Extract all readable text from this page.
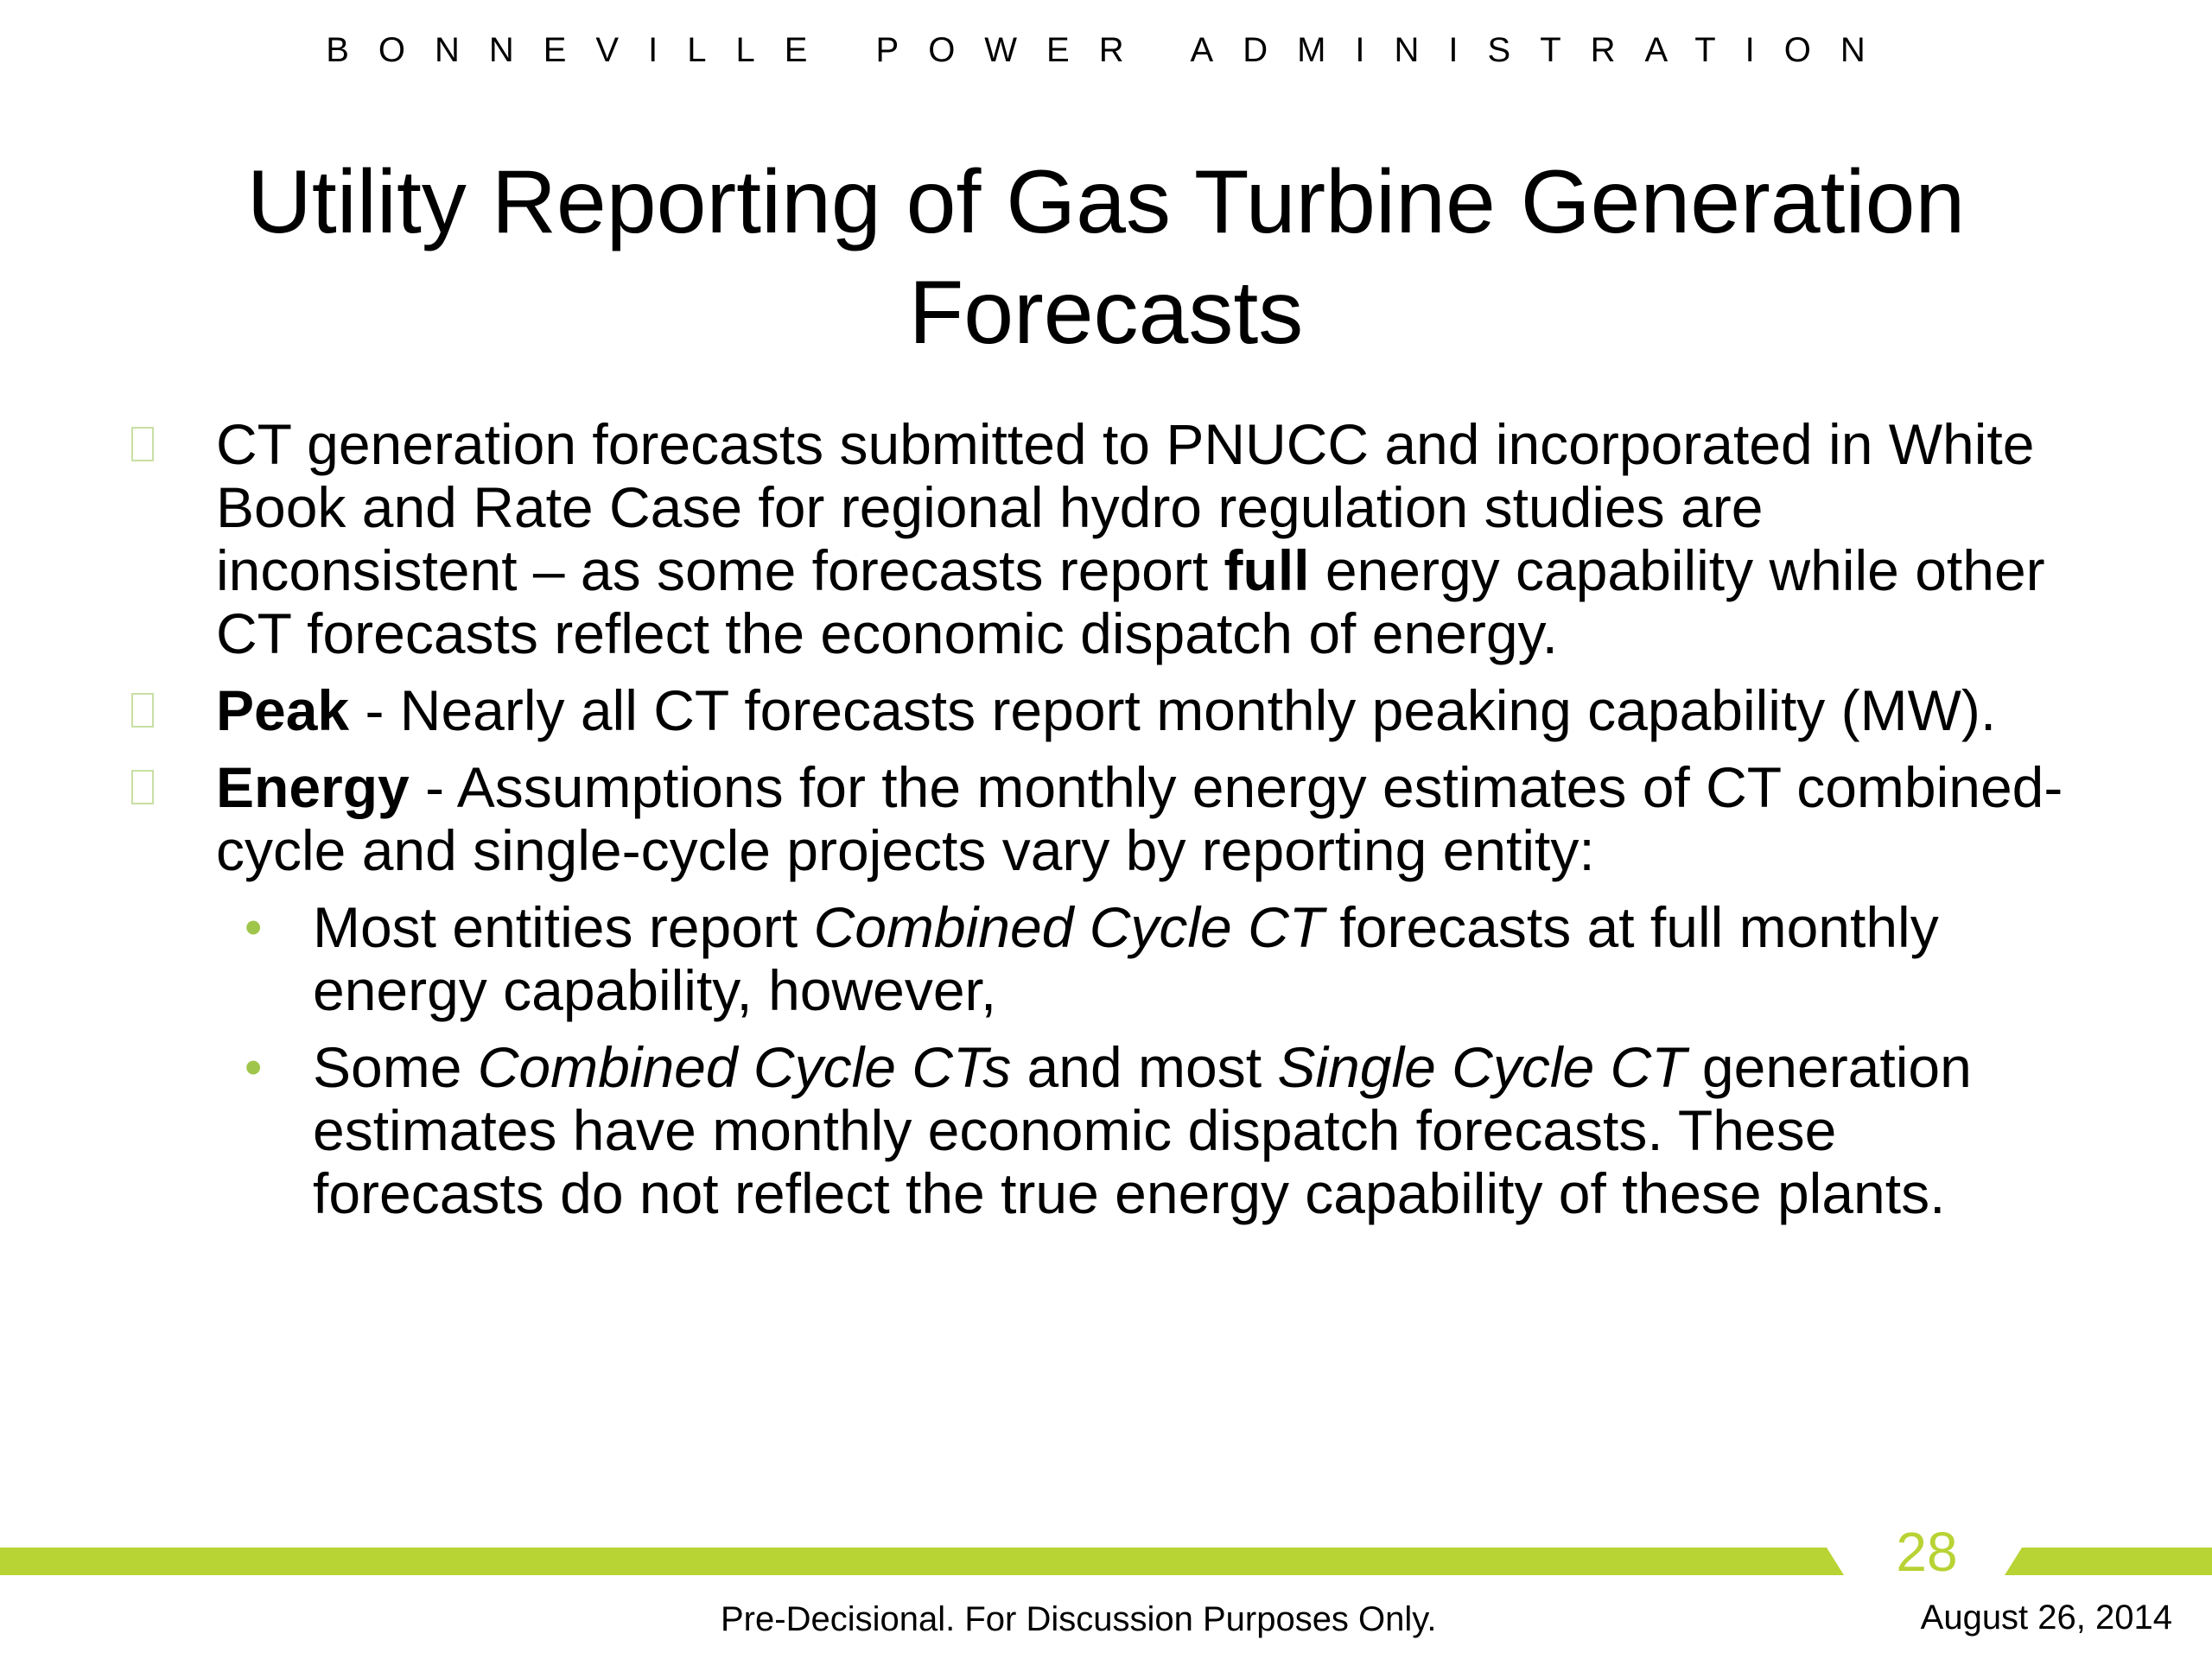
BONNEVILLE POWER ADMINISTRATION
Utility Reporting of Gas Turbine Generation
Forecasts
CT generation forecasts submitted to PNUCC and incorporated in White Book and Rate Case for regional hydro regulation studies are inconsistent – as some forecasts report full energy capability while other CT forecasts reflect the economic dispatch of energy.
Peak - Nearly all CT forecasts report monthly peaking capability (MW).
Energy - Assumptions for the monthly energy estimates of CT combined-cycle and single-cycle projects vary by reporting entity:
• Most entities report Combined Cycle CT forecasts at full monthly energy capability, however,
• Some Combined Cycle CTs and most Single Cycle CT generation estimates have monthly economic dispatch forecasts. These forecasts do not reflect the true energy capability of these plants.
28
Pre-Decisional. For Discussion Purposes Only.	August 26, 2014
